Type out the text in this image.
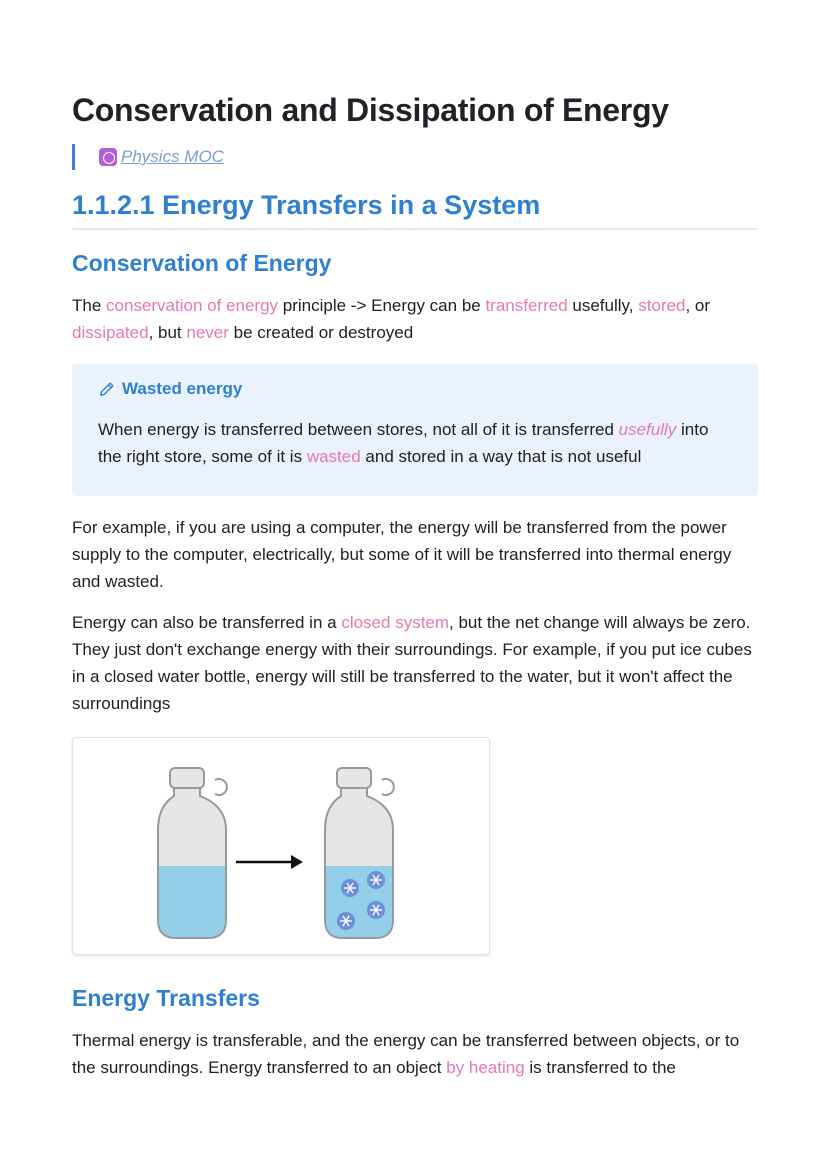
Conservation and Dissipation of Energy
Physics MOC
1.1.2.1 Energy Transfers in a System
Conservation of Energy

The conservation of energy principle -> Energy can be transferred usefully, stored, or dissipated, but never be created or destroyed

Wasted energy
When energy is transferred between stores, not all of it is transferred usefully into the right store, some of it is wasted and stored in a way that is not useful

For example, if you are using a computer, the energy will be transferred from the power supply to the computer, electrically, but some of it will be transferred into thermal energy and wasted.

Energy can also be transferred in a closed system, but the net change will always be zero. They just don't exchange energy with their surroundings. For example, if you put ice cubes in a closed water bottle, energy will still be transferred to the water, but it won't affect the surroundings

Energy Transfers

Thermal energy is transferable, and the energy can be transferred between objects, or to the surroundings. Energy transferred to an object by heating is transferred to the
